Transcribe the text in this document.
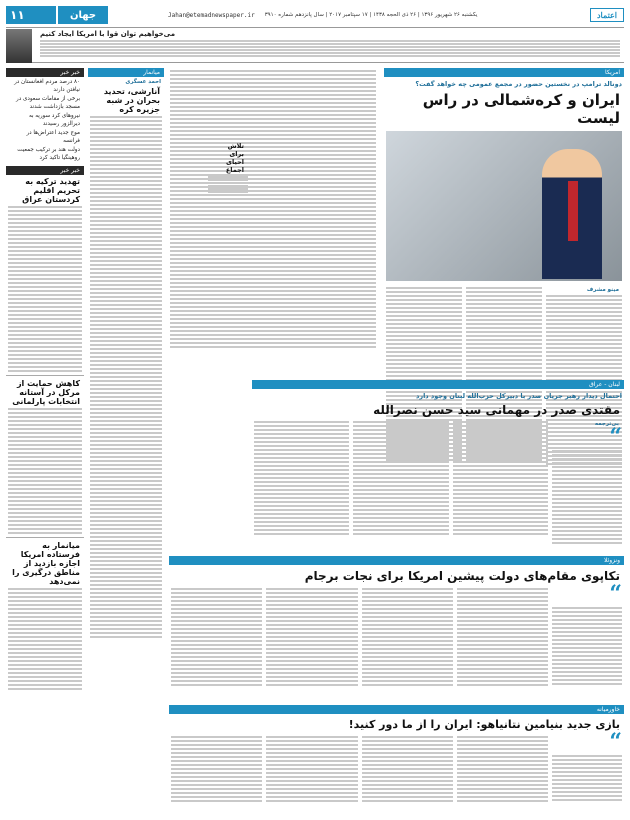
۱۱	جهان	Jahan@etemadnewspaper.ir یکشنبه ۲۶ شهریور ۱۳۹۶ | ۲۶ ذی الحجه ۱۴۳۸ | ۱۷ سپتامبر ۲۰۱۷ | سال پانزدهم شماره ۳۹۱۰	اعتماد
می‌خواهیم توان قوا با امریکا ایجاد کنیم
امریکا
دونالد ترامپ در نخستین حضور در مجمع عمومی چه خواهد گفت؟
ایران و کره‌شمالی در راس لیست
مینو مشرف
تلاش برای احیای اجماع
لبنان - عراق
احتمال دیدار رهبر جریان صدر با دبیرکل حزب‌الله لبنان وجود دارد
مقتدی صدر در مهمانی سید حسن نصرالله
بی‌ترجمه
“
ونزوئلا
تکاپوی مقام‌های دولت پیشین امریکا برای نجات برجام
“
خاورمیانه
بازی جدید بنیامین نتانیاهو: ایران را از ما دور کنید!
“
میانمار
احمد عسگری
آنارشی، تحدید بحران در شبه جزیره کره
خبر خبر
۸۰ درصد مردم افغانستان در نیافتن دارند
برخی از مقامات سعودی در مسجد بازداشت شدند
نیروهای کرد سوریه به دیرالزور رسیدند
موج جدید اعتراض‌ها در فرانسه
دولت هند بر ترکیب جمعیت روهینگیا تاکید کرد
خبر خبر
تهدید ترکیه به تحریم اقلیم کردستان عراق
کاهش حمایت از مرکل در آستانه انتخابات پارلمانی
میانمار به فرستاده امریکا اجازه بازدید از مناطق درگیری را نمی‌دهد
